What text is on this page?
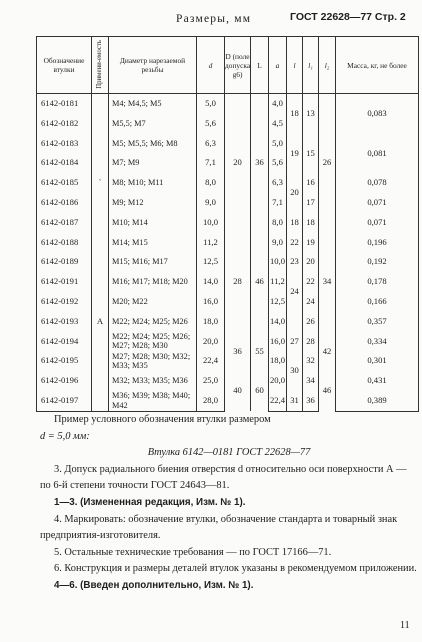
Размеры, мм	ГОСТ 22628—77 Стр. 2
Обозначение втулки	Примени-емость	Диаметр нарезаемой резьбы	d	D (поле допуска g6)	L	a	l	l₁	l₂	Масса, кг, не более
6142-0181		М4; М4,5; М5	5,0	20	36	4,0	18	13	26	0,083
6142-0182		М5,5; М7	5,6			4,5				
6142-0183		М5; М5,5; М6; М8	6,3			5,0	19	15		0,081
6142-0184		М7; М9	7,1			5,6				
6142-0185	`	М8; М10; М11	8,0			6,3	20	16		0,078
6142-0186		М9; М12	9,0			7,1		17		0,071
6142-0187		М10; М14	10,0			8,0	18	18		0,071
6142-0188		М14; М15	11,2	28	46	9,0	22	19	34	0,196
6142-0189		М15; М16; М17	12,5			10,0	23	20		0,192
6142-0191		М16; М17; М18; М20	14,0			11,2	24	22		0,178
6142-0192		М20; М22	16,0			12,5		24		0,166
6142-0193	А	М22; М24; М25; М26	18,0			14,0		26		0,357
6142-0194		М22; М24; М25; М26; М27; М28; М30	20,0	36	55	16,0	27	28	42	0,334
6142-0195		М27; М28; М30; М32; М33; М35	22,4			18,0	30	32		0,301
6142-0196		М32; М33; М35; М36	25,0	40	60	20,0		34	46	0,431
6142-0197		М36; М39; М38; М40; М42	28,0			22,4	31	36		0,389

Пример условного обозначения втулки размером

d = 5,0 мм:

Втулка 6142—0181 ГОСТ 22628—77

3. Допуск радиального биения отверстия d относительно оси поверхности А — по 6-й степени точности ГОСТ 24643—81.

1—3. (Измененная редакция, Изм. № 1).

4. Маркировать: обозначение втулки, обозначение стандарта и товарный знак предприятия-изготовителя.

5. Остальные технические требования — по ГОСТ 17166—71.

6. Конструкция и размеры деталей втулок указаны в рекомендуемом приложении.

4—6. (Введен дополнительно, Изм. № 1).

11
